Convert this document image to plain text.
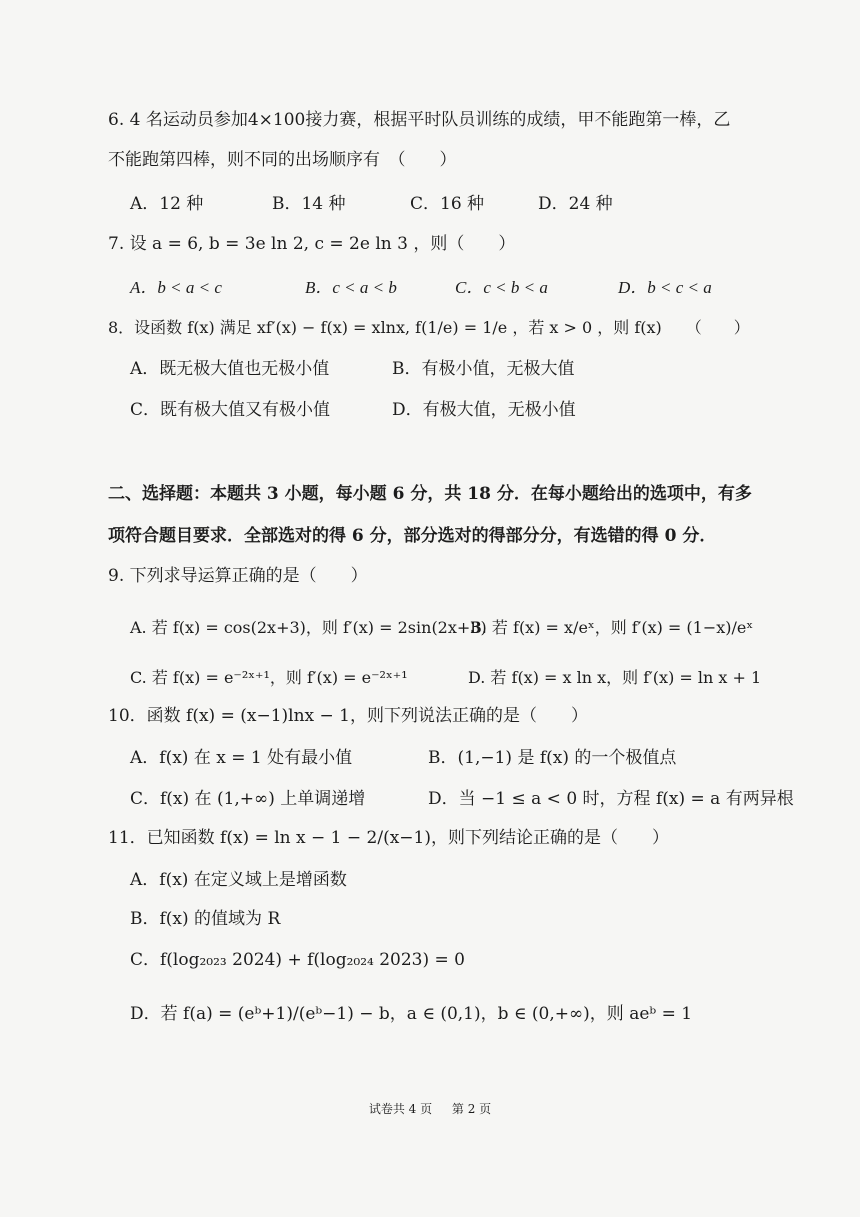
6. 4 名运动员参加4×100接力赛，根据平时队员训练的成绩，甲不能跑第一棒，乙
不能跑第四棒，则不同的出场顺序有　（　　）
A．12 种	B．14 种	C．16 种	D．24 种
7. 设 a = 6, b = 3e ln 2, c = 2e ln 3 ，则（　　）
A．b < a < c	B．c < a < b	C．c < b < a	D．b < c < a
8．设函数 f(x) 满足 xf′(x) − f(x) = xlnx, f(1/e) = 1/e ，若 x > 0 ，则 f(x)　　（　　）
A．既无极大值也无极小值	B．有极小值，无极大值
C．既有极大值又有极小值	D．有极大值，无极小值
二、选择题：本题共 3 小题，每小题 6 分，共 18 分．在每小题给出的选项中，有多
项符合题目要求．全部选对的得 6 分，部分选对的得部分分，有选错的得 0 分．
9. 下列求导运算正确的是（　　）
A. 若 f(x) = cos(2x+3)，则 f′(x) = 2sin(2x+3)
B. 若 f(x) = x/eˣ，则 f′(x) = (1−x)/eˣ
C. 若 f(x) = e⁻²ˣ⁺¹，则 f′(x) = e⁻²ˣ⁺¹	D. 若 f(x) = x ln x，则 f′(x) = ln x + 1
10．函数 f(x) = (x−1)lnx − 1，则下列说法正确的是（　　）
A．f(x) 在 x = 1 处有最小值	B．(1,−1) 是 f(x) 的一个极值点
C．f(x) 在 (1,+∞) 上单调递增	D．当 −1 ≤ a < 0 时，方程 f(x) = a 有两异根
11．已知函数 f(x) = ln x − 1 − 2/(x−1)，则下列结论正确的是（　　）
A．f(x) 在定义域上是增函数
B．f(x) 的值域为 R
C．f(log₂₀₂₃ 2024) + f(log₂₀₂₄ 2023) = 0
D．若 f(a) = (eᵇ+1)/(eᵇ−1) − b，a ∈ (0,1)，b ∈ (0,+∞)，则 aeᵇ = 1
试卷共 4 页 第 2 页
